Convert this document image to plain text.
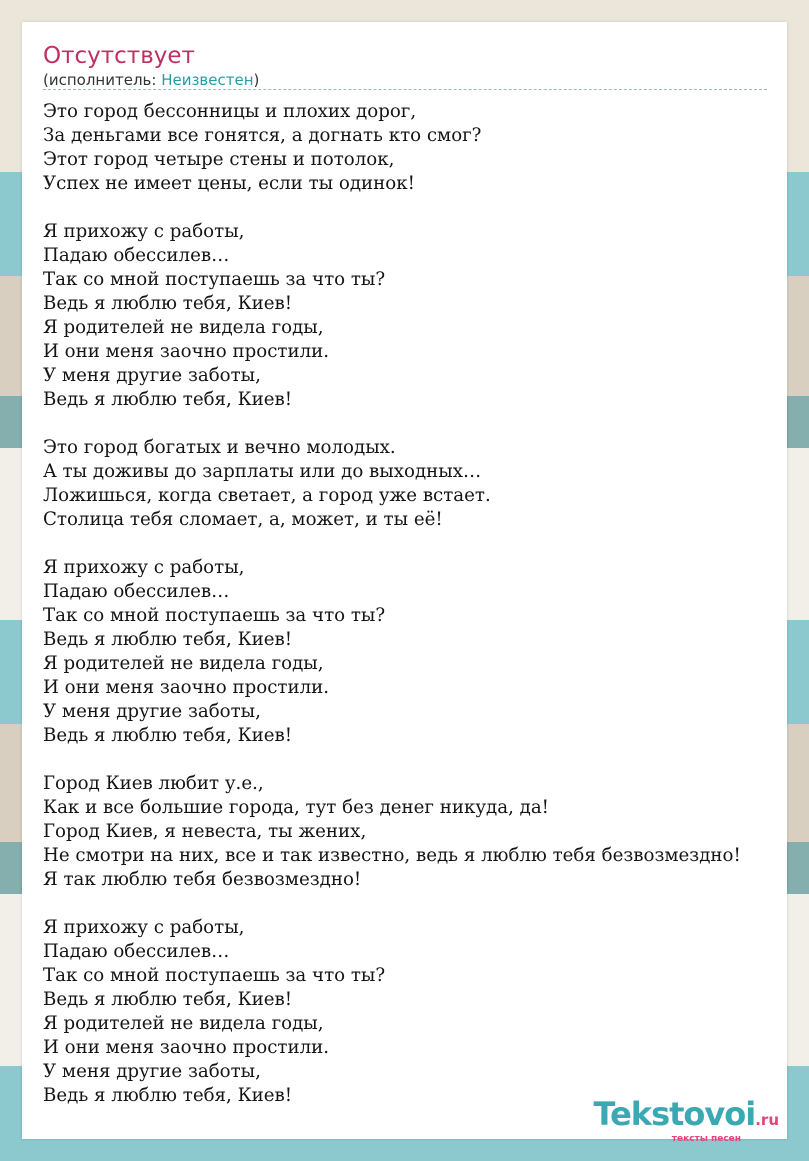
Отсутствует
(исполнитель: Неизвестен)
Это город бессонницы и плохих дорог,
За деньгами все гонятся, а догнать кто смог?
Этот город четыре стены и потолок,
Успех не имеет цены, если ты одинок!

Я прихожу с работы,
Падаю обессилев…
Так со мной поступаешь за что ты?
Ведь я люблю тебя, Киев!
Я родителей не видела годы,
И они меня заочно простили.
У меня другие заботы,
Ведь я люблю тебя, Киев!

Это город богатых и вечно молодых.
А ты доживы до зарплаты или до выходных…
Ложишься, когда светает, а город уже встает.
Столица тебя сломает, а, может, и ты её!

Я прихожу с работы,
Падаю обессилев…
Так со мной поступаешь за что ты?
Ведь я люблю тебя, Киев!
Я родителей не видела годы,
И они меня заочно простили.
У меня другие заботы,
Ведь я люблю тебя, Киев!

Город Киев любит у.е.,
Как и все большие города, тут без денег никуда, да!
Город Киев, я невеста, ты жених,
Не смотри на них, все и так известно, ведь я люблю тебя безвозмездно!
Я так люблю тебя безвозмездно!

Я прихожу с работы,
Падаю обессилев…
Так со мной поступаешь за что ты?
Ведь я люблю тебя, Киев!
Я родителей не видела годы,
И они меня заочно простили.
У меня другие заботы,
Ведь я люблю тебя, Киев!	Tekstovoi.ru
тексты песен
